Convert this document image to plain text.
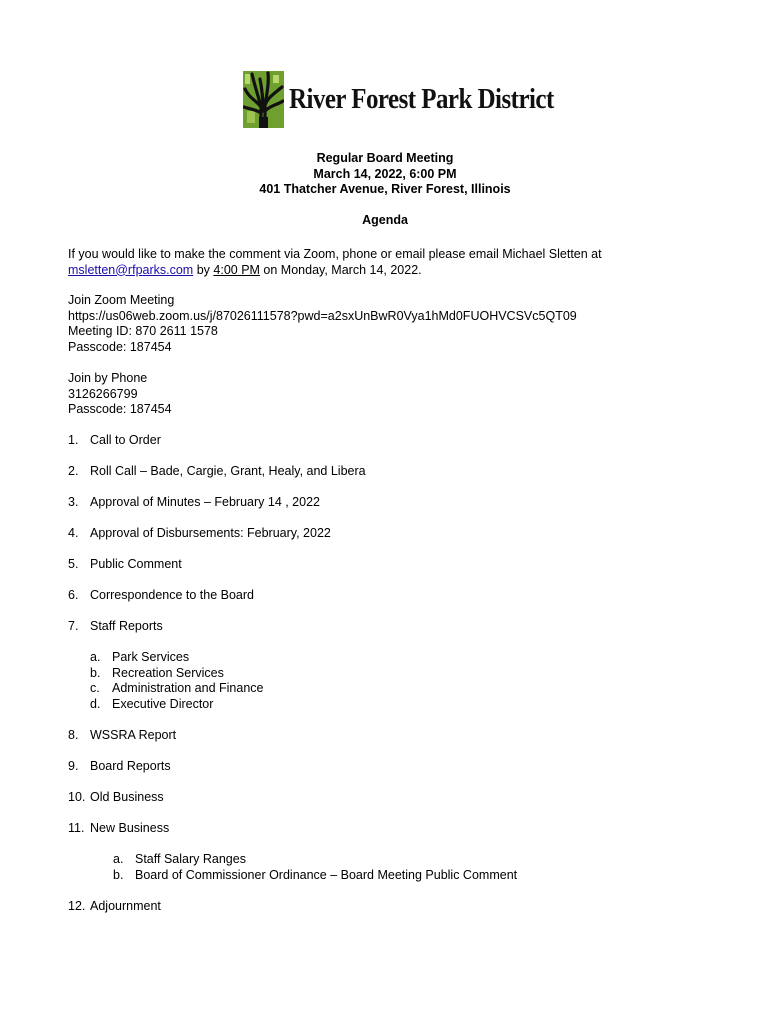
River Forest Park District
Regular Board Meeting
March 14, 2022, 6:00 PM
401 Thatcher Avenue, River Forest, Illinois
Agenda
If you would like to make the comment via Zoom, phone or email please email Michael Sletten at
msletten@rfparks.com by 4:00 PM on Monday, March 14, 2022.
Join Zoom Meeting
https://us06web.zoom.us/j/87026111578?pwd=a2sxUnBwR0Vya1hMd0FUOHVCSVc5QT09
Meeting ID: 870 2611 1578
Passcode: 187454
Join by Phone
3126266799
Passcode: 187454
1. Call to Order
2. Roll Call – Bade, Cargie, Grant, Healy, and Libera
3. Approval of Minutes – February 14 , 2022
4. Approval of Disbursements: February, 2022
5. Public Comment
6. Correspondence to the Board
7. Staff Reports
a. Park Services
b. Recreation Services
c. Administration and Finance
d. Executive Director
8. WSSRA Report
9. Board Reports
10. Old Business
11. New Business
a. Staff Salary Ranges
b. Board of Commissioner Ordinance – Board Meeting Public Comment
12. Adjournment
